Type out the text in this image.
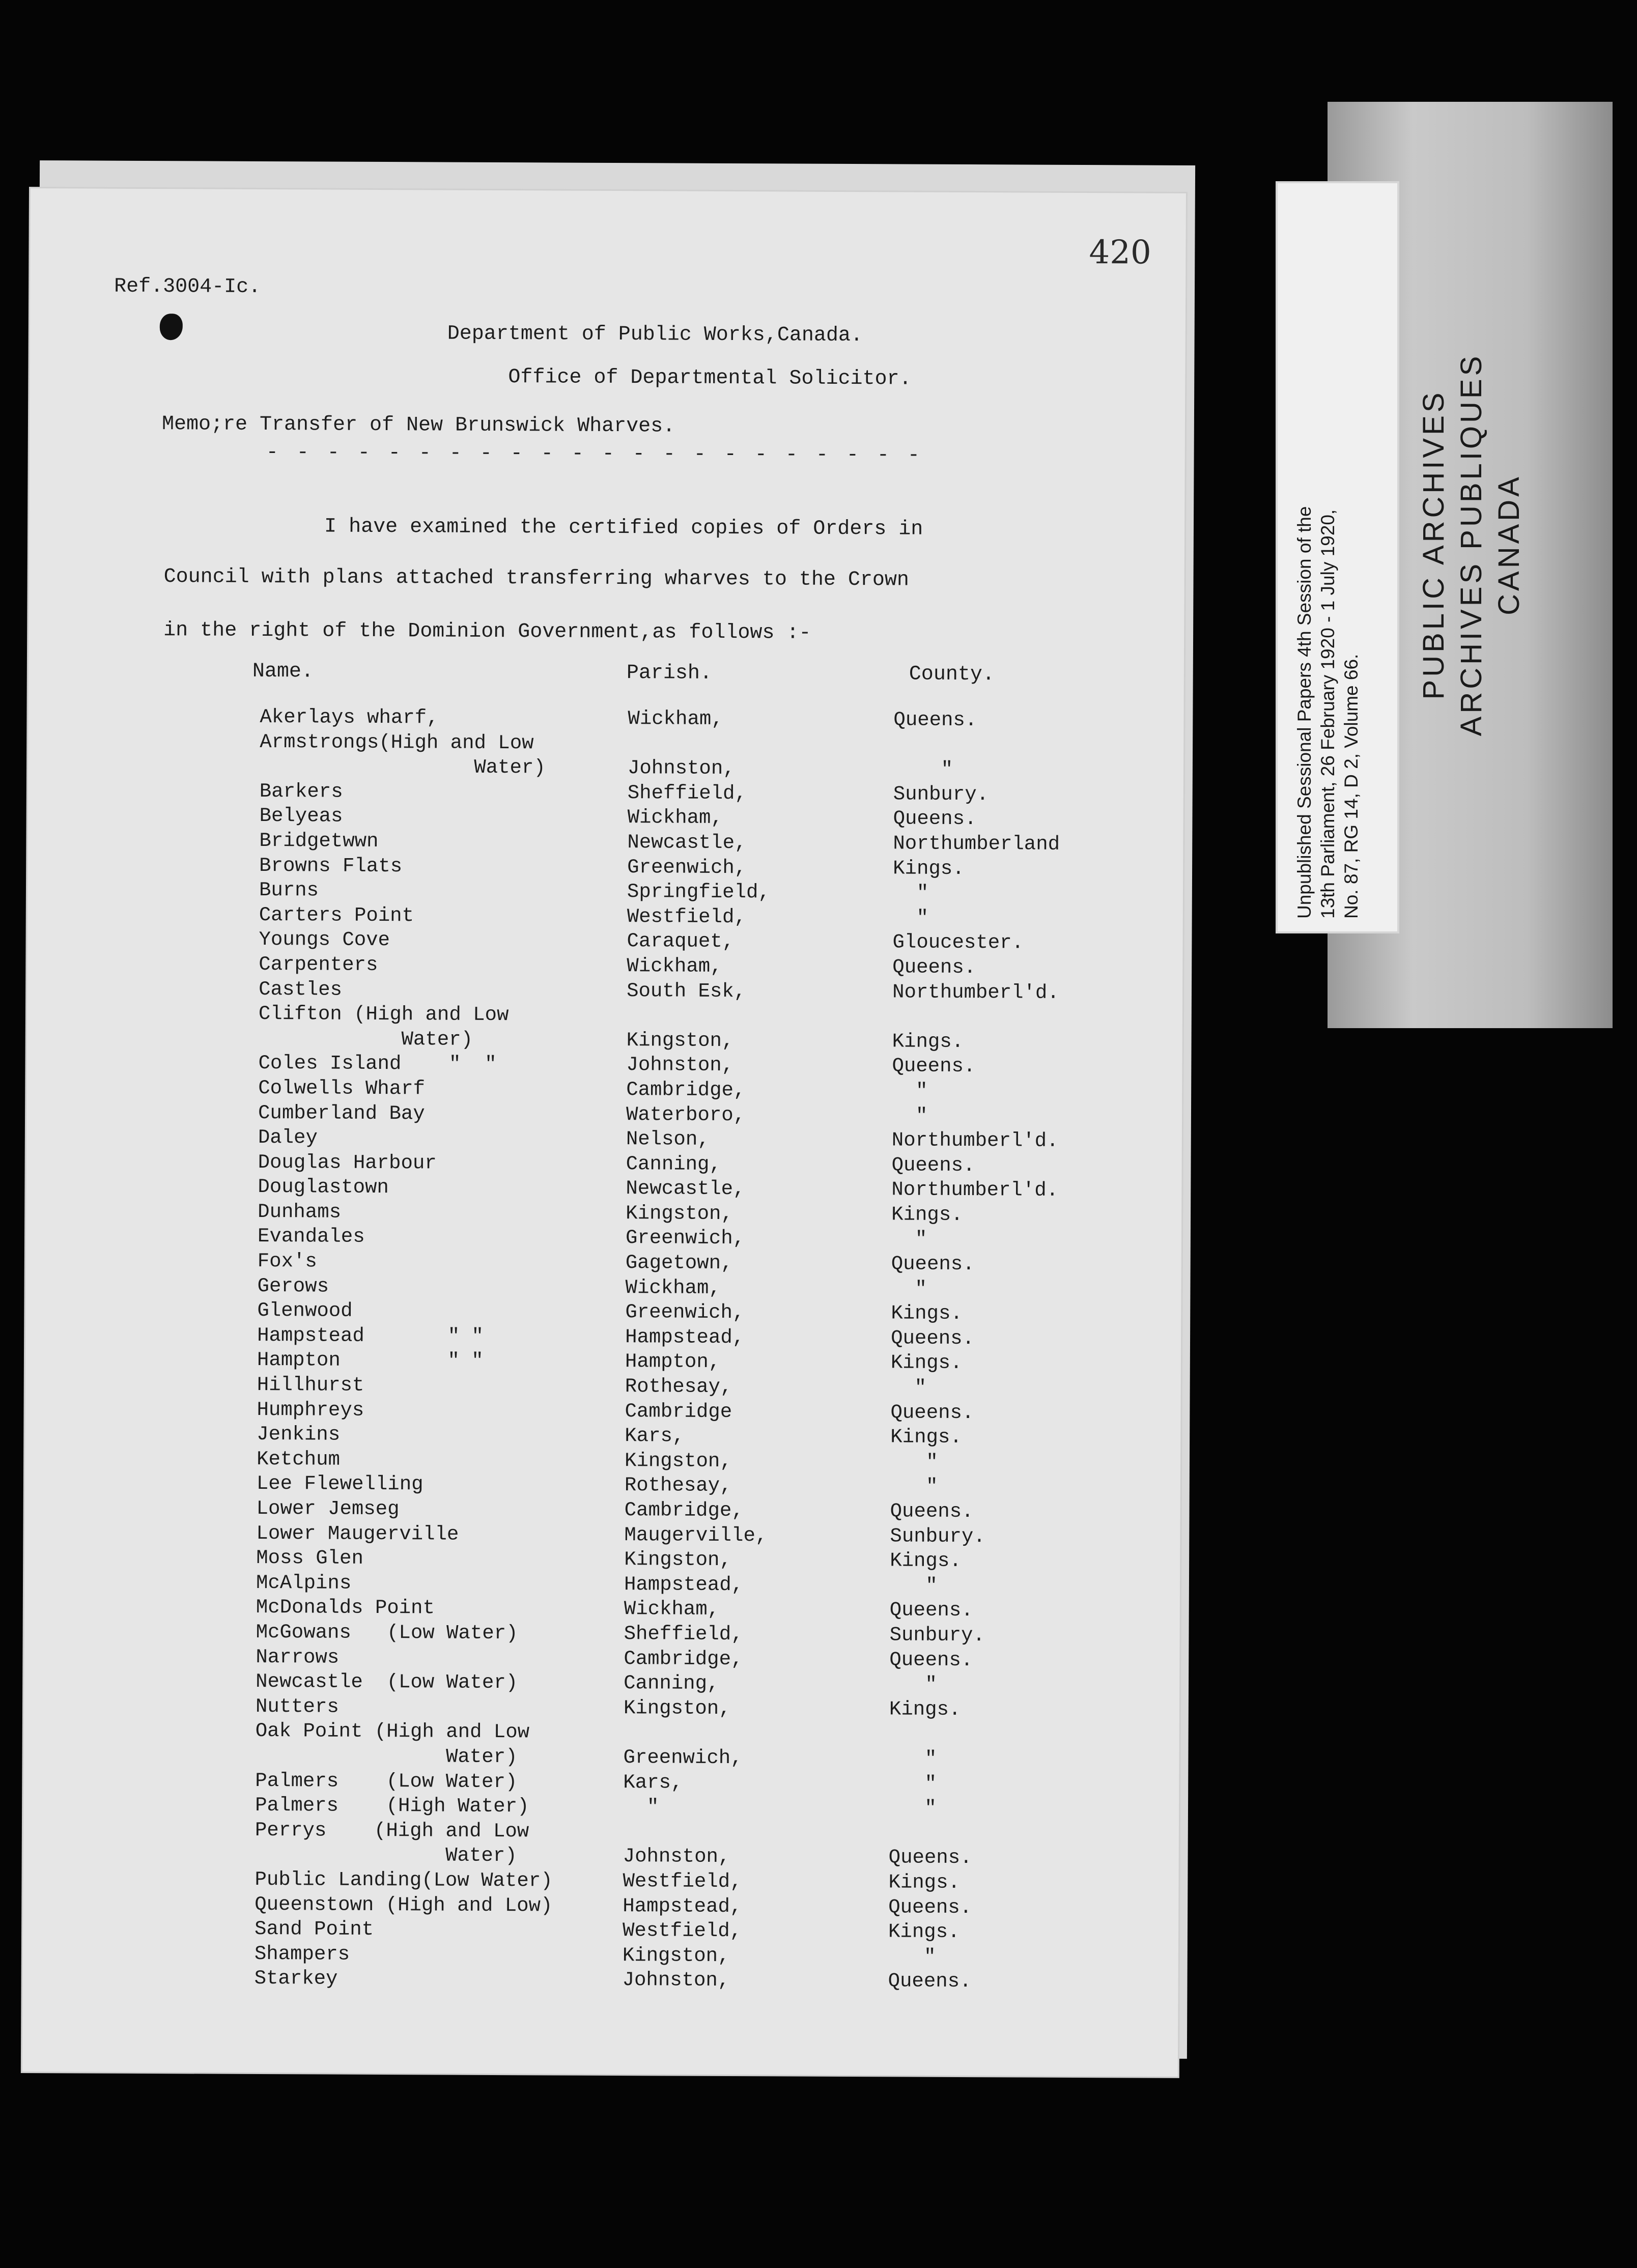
Unpublished Sessional Papers 4th Session of the 13th Parliament, 26 February 1920 - 1 July 1920, No. 87, RG 14, D 2, Volume 66.
PUBLIC ARCHIVES ARCHIVES PUBLIQUES CANADA
420
Ref.3004-Ic.
Department of Public Works,Canada.
Office of Departmental Solicitor.
Memo;re Transfer of New Brunswick Wharves.
- - - - - - - - - - - - - - - - - - - - - -
I have examined the certified copies of Orders in
Council with plans attached transferring wharves to the Crown
in the right of the Dominion Government,as follows :-
Name.	Parish.	County.
Akerlays wharf,	Wickham,	Queens.
Armstrongs(High and Low
Water)	Johnston,	"
Barkers	Sheffield,	Sunbury.
Belyeas	Wickham,	Queens.
Bridgetwwn	Newcastle,	Northumberland
Browns Flats	Greenwich,	Kings.
Burns	Springfield,	"
Carters Point	Westfield,	"
Youngs Cove	Caraquet,	Gloucester.
Carpenters	Wickham,	Queens.
Castles	South Esk,	Northumberl'd.
Clifton (High and Low
Water)	Kingston,	Kings.
Coles Island    "  "	Johnston,	Queens.
Colwells Wharf	Cambridge,	"
Cumberland Bay	Waterboro,	"
Daley	Nelson,	Northumberl'd.
Douglas Harbour	Canning,	Queens.
Douglastown	Newcastle,	Northumberl'd.
Dunhams	Kingston,	Kings.
Evandales	Greenwich,	"
Fox's	Gagetown,	Queens.
Gerows	Wickham,	"
Glenwood	Greenwich,	Kings.
Hampstead       " "	Hampstead,	Queens.
Hampton         " "	Hampton,	Kings.
Hillhurst	Rothesay,	"
Humphreys	Cambridge	Queens.
Jenkins	Kars,	Kings.
Ketchum	Kingston,	"
Lee Flewelling	Rothesay,	"
Lower Jemseg	Cambridge,	Queens.
Lower Maugerville	Maugerville,	Sunbury.
Moss Glen	Kingston,	Kings.
McAlpins	Hampstead,	"
McDonalds Point	Wickham,	Queens.
McGowans   (Low Water)	Sheffield,	Sunbury.
Narrows	Cambridge,	Queens.
Newcastle  (Low Water)	Canning,	"
Nutters	Kingston,	Kings.
Oak Point (High and Low
Water)	Greenwich,	"
Palmers    (Low Water)	Kars,	"
Palmers    (High Water)	"	"
Perrys    (High and Low
Water)	Johnston,	Queens.
Public Landing(Low Water)	Westfield,	Kings.
Queenstown (High and Low)	Hampstead,	Queens.
Sand Point	Westfield,	Kings.
Shampers	Kingston,	"
Starkey	Johnston,	Queens.
